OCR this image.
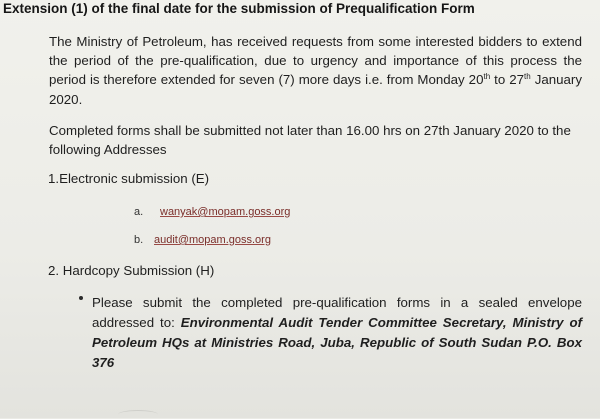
Extension (1) of the final date for the submission of Prequalification Form
The Ministry of Petroleum, has received requests from some interested bidders to extend the period of the pre-qualification, due to urgency and importance of this process the period is therefore extended for seven (7) more days i.e. from Monday 20th to 27th January 2020.
Completed forms shall be submitted not later than 16.00 hrs on 27th January 2020 to the following Addresses
1.Electronic submission (E)
a. wanyak@mopam.goss.org
b. audit@mopam.goss.org
2. Hardcopy Submission (H)
Please submit the completed pre-qualification forms in a sealed envelope addressed to: Environmental Audit Tender Committee Secretary, Ministry of Petroleum HQs at Ministries Road, Juba, Republic of South Sudan P.O. Box 376
